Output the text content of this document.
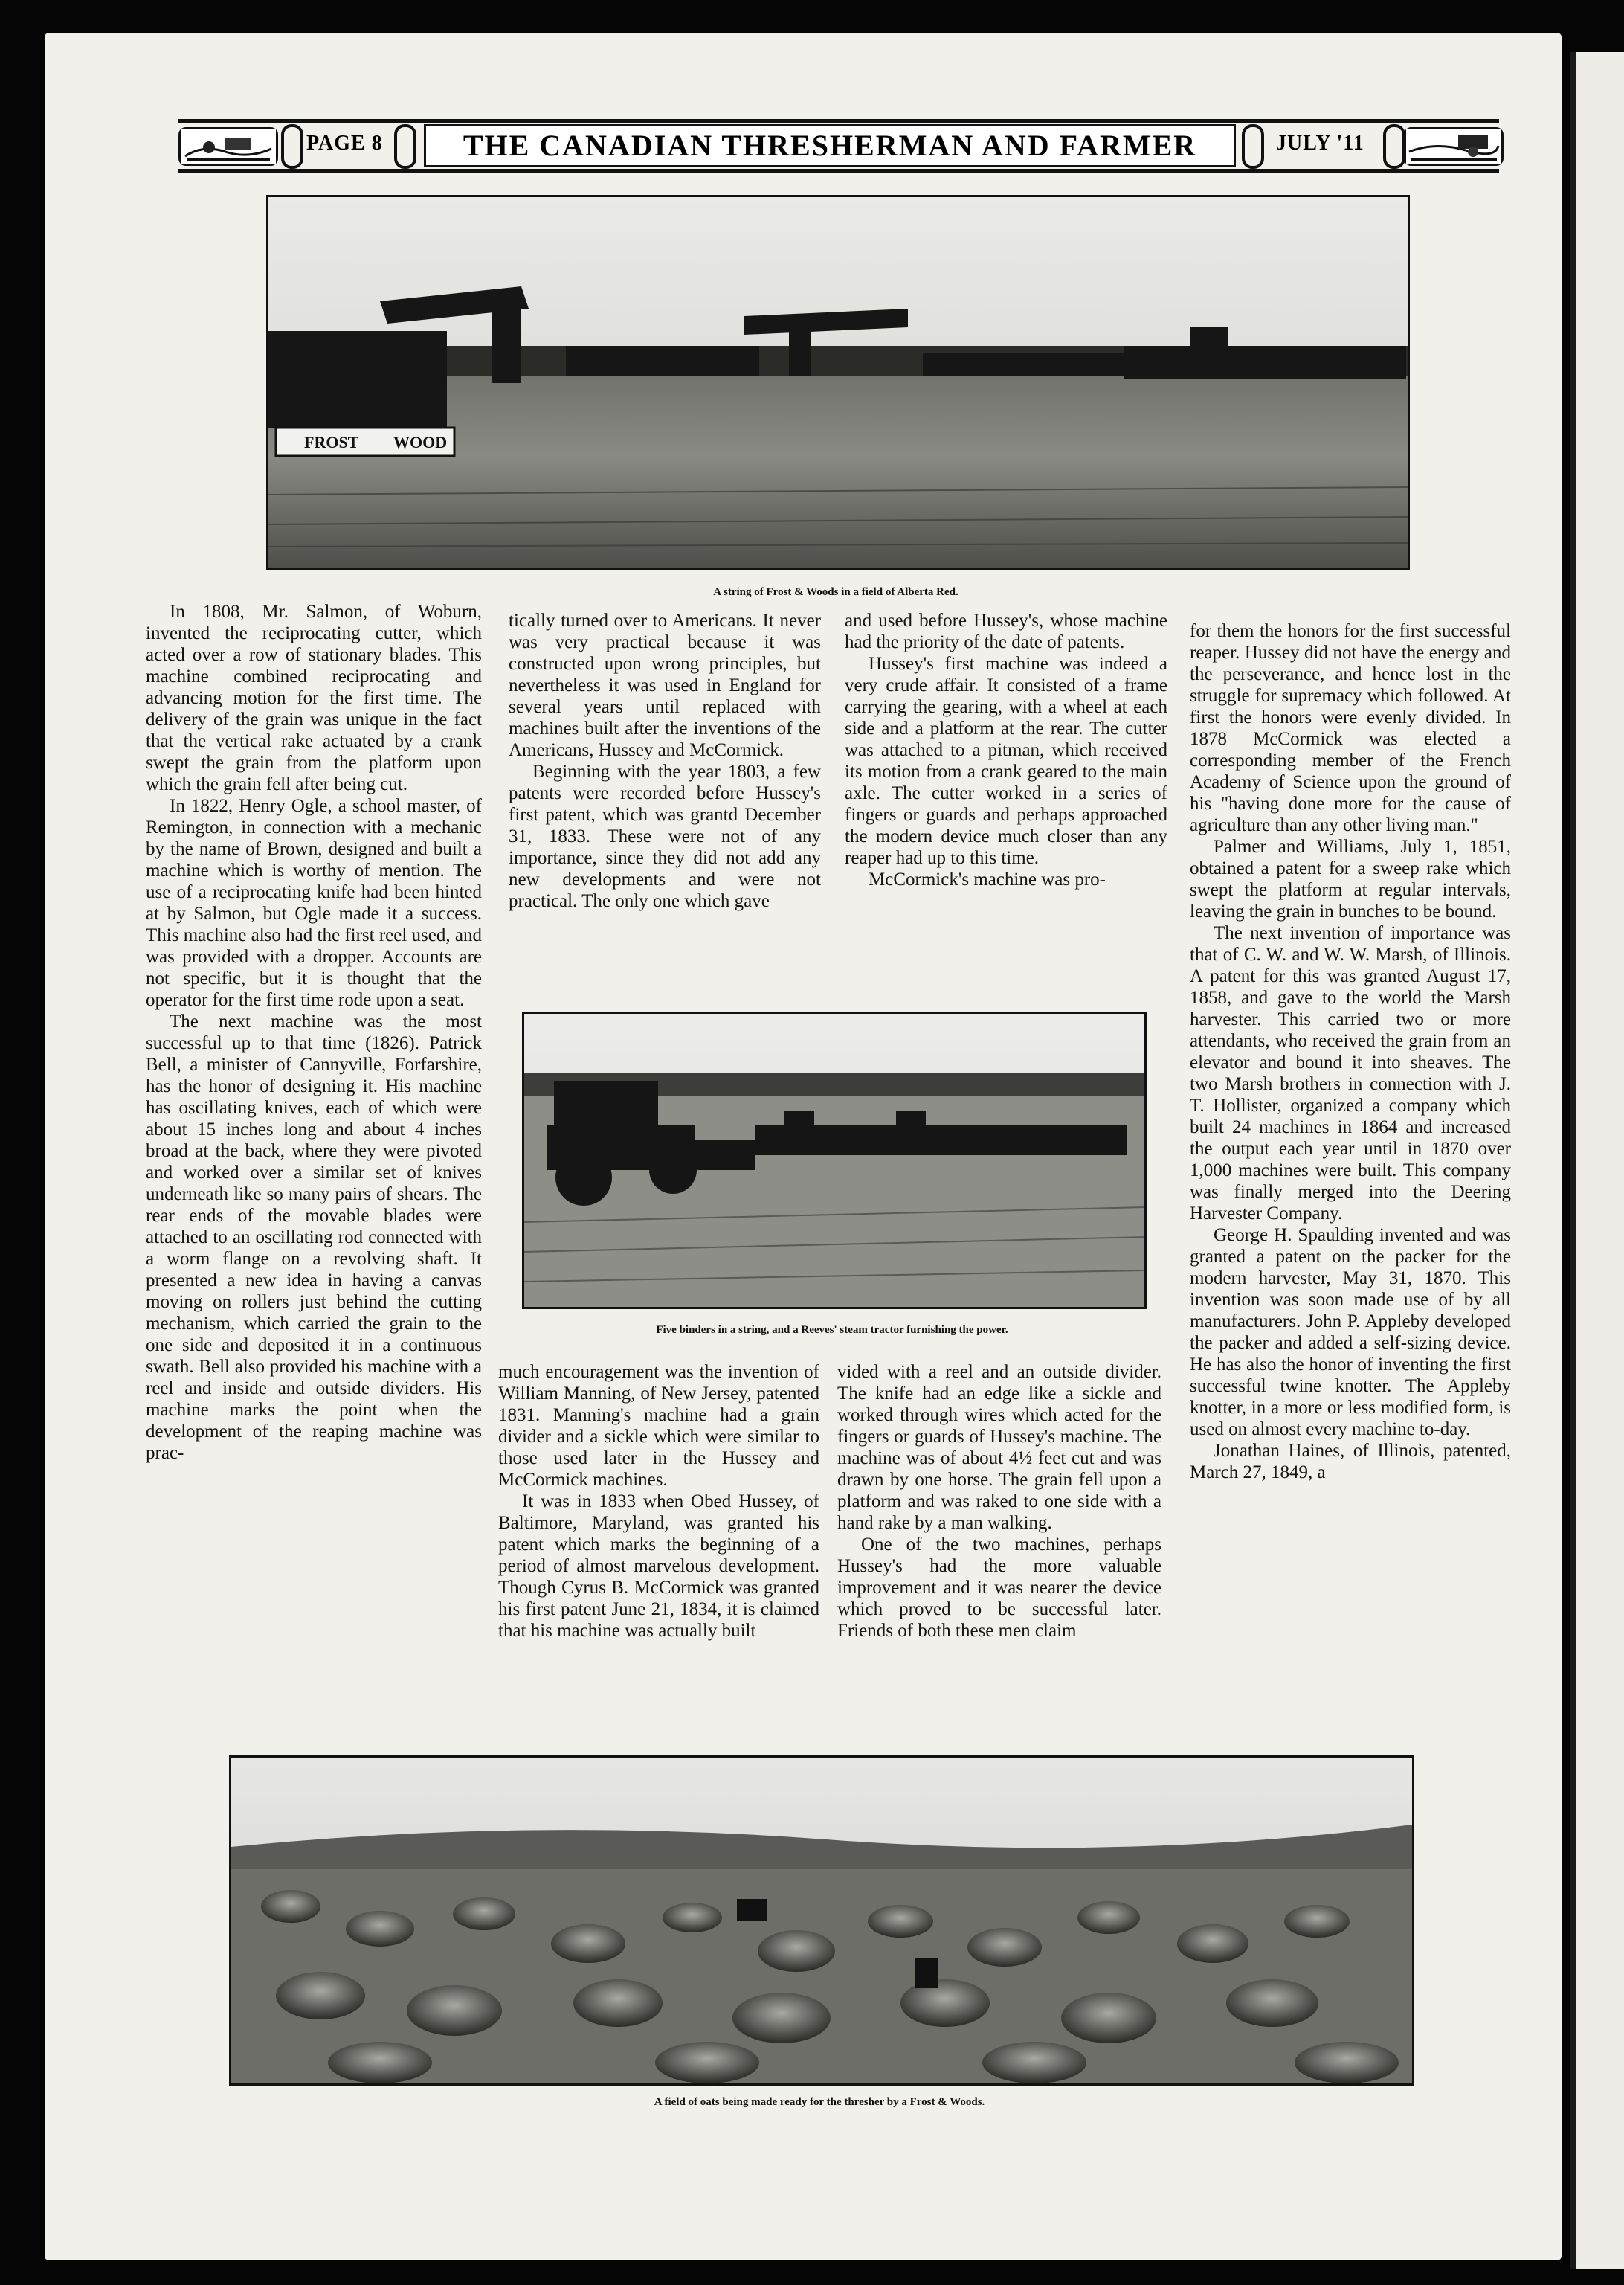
PAGE 8	THE CANADIAN THRESHERMAN AND FARMER	JULY '11
FROST WOOD
A string of Frost & Woods in a field of Alberta Red.
Five binders in a string, and a Reeves' steam tractor furnishing the power.
A field of oats being made ready for the thresher by a Frost & Woods.

In 1808, Mr. Salmon, of Woburn, invented the reciprocating cutter, which acted over a row of stationary blades. This machine combined reciprocating and advancing motion for the first time. The delivery of the grain was unique in the fact that the vertical rake actuated by a crank swept the grain from the platform upon which the grain fell after being cut.

In 1822, Henry Ogle, a school master, of Remington, in connection with a mechanic by the name of Brown, designed and built a machine which is worthy of mention. The use of a reciprocating knife had been hinted at by Salmon, but Ogle made it a success. This machine also had the first reel used, and was provided with a dropper. Accounts are not specific, but it is thought that the operator for the first time rode upon a seat.

The next machine was the most successful up to that time (1826). Patrick Bell, a minister of Cannyville, Forfarshire, has the honor of designing it. His machine has oscillating knives, each of which were about 15 inches long and about 4 inches broad at the back, where they were pivoted and worked over a similar set of knives underneath like so many pairs of shears. The rear ends of the movable blades were attached to an oscillating rod connected with a worm flange on a revolving shaft. It presented a new idea in having a canvas moving on rollers just behind the cutting mechanism, which carried the grain to the one side and deposited it in a continuous swath. Bell also provided his machine with a reel and inside and outside dividers. His machine marks the point when the development of the reaping machine was prac-

tically turned over to Americans. It never was very practical because it was constructed upon wrong principles, but nevertheless it was used in England for several years until replaced with machines built after the inventions of the Americans, Hussey and McCormick.

Beginning with the year 1803, a few patents were recorded before Hussey's first patent, which was grantd December 31, 1833. These were not of any importance, since they did not add any new developments and were not practical. The only one which gave

and used before Hussey's, whose machine had the priority of the date of patents.

Hussey's first machine was indeed a very crude affair. It consisted of a frame carrying the gearing, with a wheel at each side and a platform at the rear. The cutter was attached to a pitman, which received its motion from a crank geared to the main axle. The cutter worked in a series of fingers or guards and perhaps approached the modern device much closer than any reaper had up to this time.

McCormick's machine was pro-

much encouragement was the invention of William Manning, of New Jersey, patented 1831. Manning's machine had a grain divider and a sickle which were similar to those used later in the Hussey and McCormick machines.

It was in 1833 when Obed Hussey, of Baltimore, Maryland, was granted his patent which marks the beginning of a period of almost marvelous development. Though Cyrus B. McCormick was granted his first patent June 21, 1834, it is claimed that his machine was actually built

vided with a reel and an outside divider. The knife had an edge like a sickle and worked through wires which acted for the fingers or guards of Hussey's machine. The machine was of about 4½ feet cut and was drawn by one horse. The grain fell upon a platform and was raked to one side with a hand rake by a man walking.

One of the two machines, perhaps Hussey's had the more valuable improvement and it was nearer the device which proved to be successful later. Friends of both these men claim

for them the honors for the first successful reaper. Hussey did not have the energy and the perseverance, and hence lost in the struggle for supremacy which followed. At first the honors were evenly divided. In 1878 McCormick was elected a corresponding member of the French Academy of Science upon the ground of his "having done more for the cause of agriculture than any other living man."

Palmer and Williams, July 1, 1851, obtained a patent for a sweep rake which swept the platform at regular intervals, leaving the grain in bunches to be bound.

The next invention of importance was that of C. W. and W. W. Marsh, of Illinois. A patent for this was granted August 17, 1858, and gave to the world the Marsh harvester. This carried two or more attendants, who received the grain from an elevator and bound it into sheaves. The two Marsh brothers in connection with J. T. Hollister, organized a company which built 24 machines in 1864 and increased the output each year until in 1870 over 1,000 machines were built. This company was finally merged into the Deering Harvester Company.

George H. Spaulding invented and was granted a patent on the packer for the modern harvester, May 31, 1870. This invention was soon made use of by all manufacturers. John P. Appleby developed the packer and added a self-sizing device. He has also the honor of inventing the first successful twine knotter. The Appleby knotter, in a more or less modified form, is used on almost every machine to-day.

Jonathan Haines, of Illinois, patented, March 27, 1849, a
